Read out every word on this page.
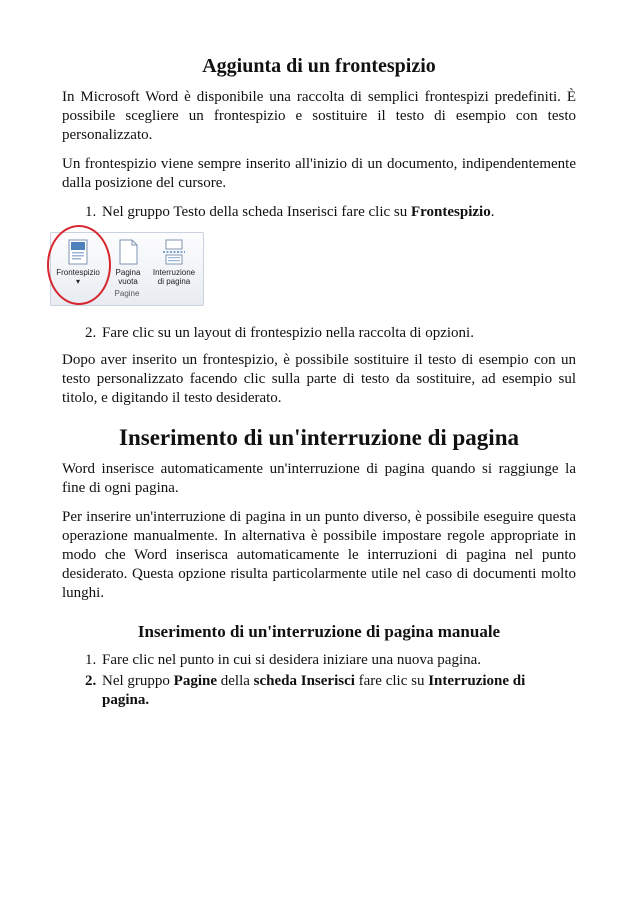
Aggiunta di un frontespizio

In Microsoft Word è disponibile una raccolta di semplici frontespizi predefiniti. È possibile scegliere un frontespizio e sostituire il testo di esempio con testo personalizzato.

Un frontespizio viene sempre inserito all'inizio di un documento, indipendentemente dalla posizione del cursore.

1. Nel gruppo Testo della scheda Inserisci fare clic su Frontespizio.
Frontespizio
▾
Pagina
vuota
Interruzione
di pagina
Pagine
2. Fare clic su un layout di frontespizio nella raccolta di opzioni.

Dopo aver inserito un frontespizio, è possibile sostituire il testo di esempio con un testo personalizzato facendo clic sulla parte di testo da sostituire, ad esempio sul titolo, e digitando il testo desiderato.

Inserimento di un'interruzione di pagina

Word inserisce automaticamente un'interruzione di pagina quando si raggiunge la fine di ogni pagina.

Per inserire un'interruzione di pagina in un punto diverso, è possibile eseguire questa operazione manualmente. In alternativa è possibile impostare regole appropriate in modo che Word inserisca automaticamente le interruzioni di pagina nel punto desiderato. Questa opzione risulta particolarmente utile nel caso di documenti molto lunghi.

Inserimento di un'interruzione di pagina manuale
1. Fare clic nel punto in cui si desidera iniziare una nuova pagina.
2. Nel gruppo Pagine della scheda Inserisci fare clic su Interruzione di pagina.
